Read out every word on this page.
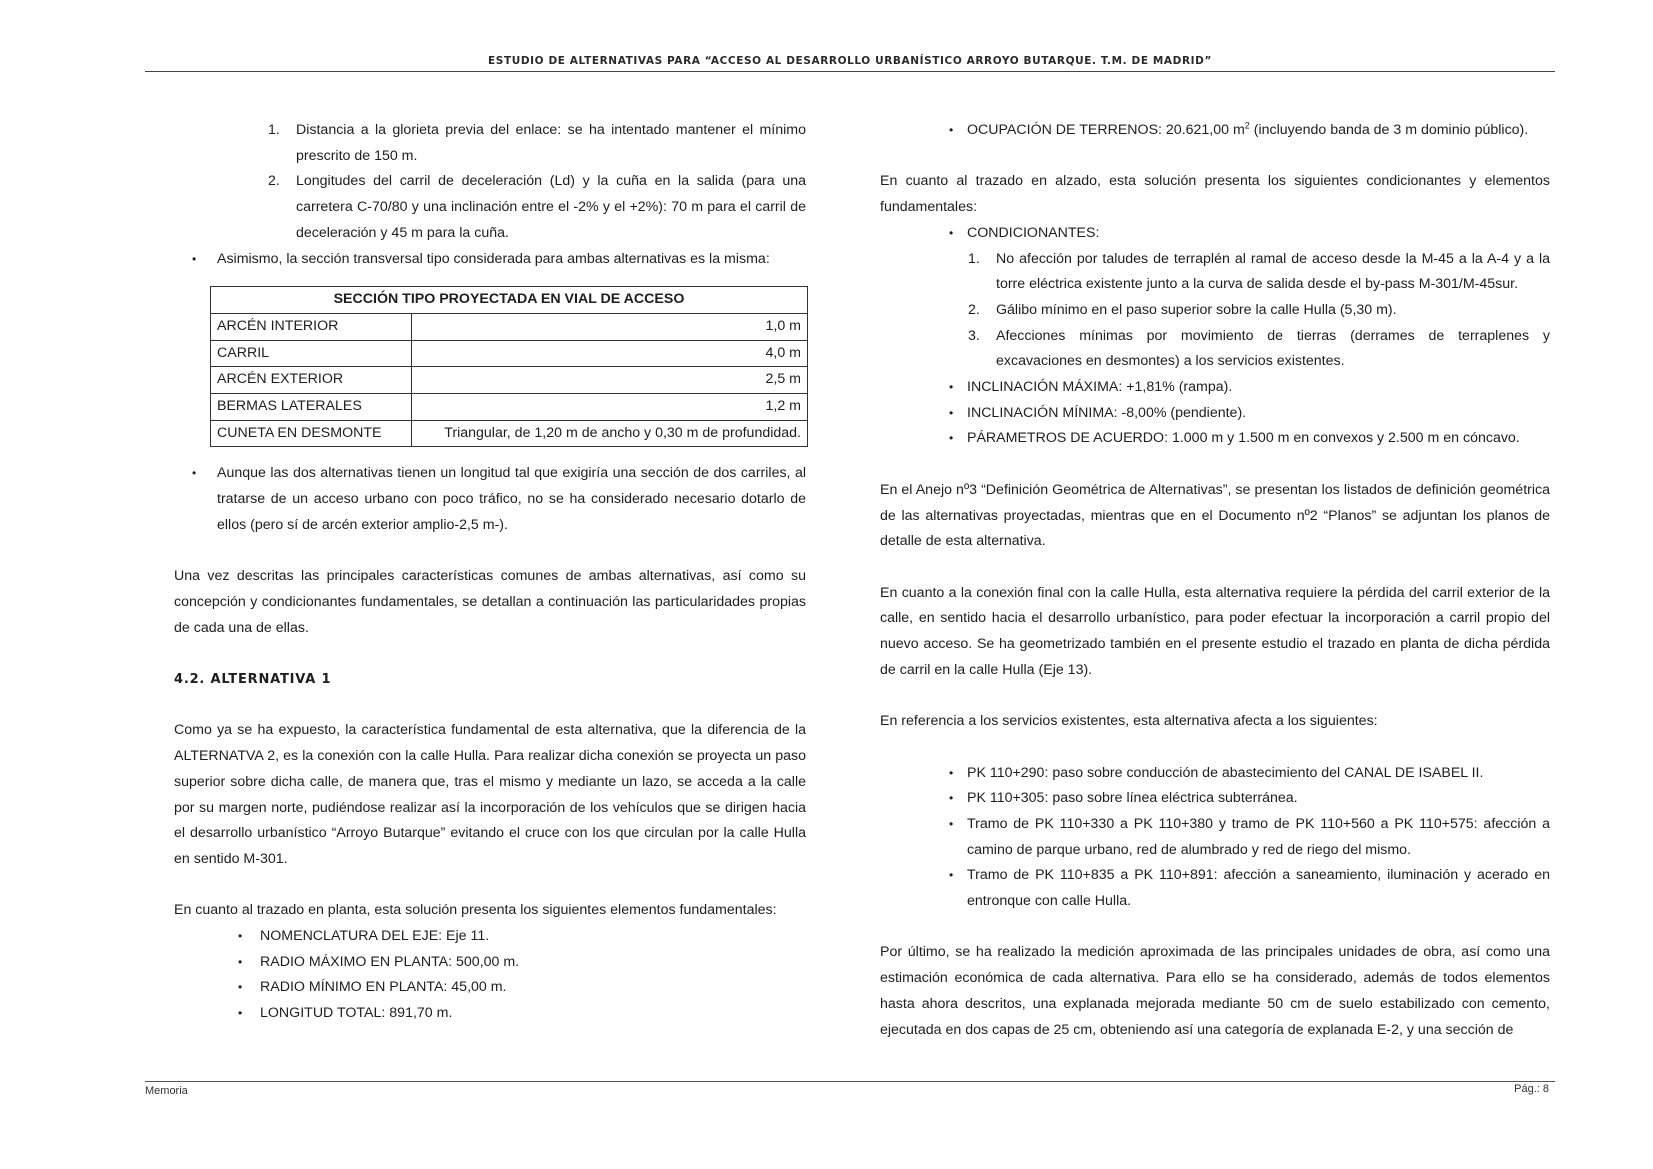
ESTUDIO DE ALTERNATIVAS PARA “ACCESO AL DESARROLLO URBANÍSTICO ARROYO BUTARQUE. T.M. DE MADRID”
1. Distancia a la glorieta previa del enlace: se ha intentado mantener el mínimo prescrito de 150 m.
2. Longitudes del carril de deceleración (Ld) y la cuña en la salida (para una carretera C-70/80 y una inclinación entre el -2% y el +2%): 70 m para el carril de deceleración y 45 m para la cuña.
• Asimismo, la sección transversal tipo considerada para ambas alternativas es la misma:
SECCIÓN TIPO PROYECTADA EN VIAL DE ACCESO	
ARCÉN INTERIOR	1,0 m
CARRIL	4,0 m
ARCÉN EXTERIOR	2,5 m
BERMAS LATERALES	1,2 m
CUNETA EN DESMONTE	Triangular, de 1,20 m de ancho y 0,30 m de profundidad.
• Aunque las dos alternativas tienen un longitud tal que exigiría una sección de dos carriles, al tratarse de un acceso urbano con poco tráfico, no se ha considerado necesario dotarlo de ellos (pero sí de arcén exterior amplio-2,5 m-).

Una vez descritas las principales características comunes de ambas alternativas, así como su concepción y condicionantes fundamentales, se detallan a continuación las particularidades propias de cada una de ellas.

4.2. ALTERNATIVA 1

Como ya se ha expuesto, la característica fundamental de esta alternativa, que la diferencia de la ALTERNATVA 2, es la conexión con la calle Hulla. Para realizar dicha conexión se proyecta un paso superior sobre dicha calle, de manera que, tras el mismo y mediante un lazo, se acceda a la calle por su margen norte, pudiéndose realizar así la incorporación de los vehículos que se dirigen hacia el desarrollo urbanístico “Arroyo Butarque” evitando el cruce con los que circulan por la calle Hulla en sentido M-301.

En cuanto al trazado en planta, esta solución presenta los siguientes elementos fundamentales:

• NOMENCLATURA DEL EJE: Eje 11.
• RADIO MÁXIMO EN PLANTA: 500,00 m.
• RADIO MÍNIMO EN PLANTA: 45,00 m.
• LONGITUD TOTAL: 891,70 m.
• OCUPACIÓN DE TERRENOS: 20.621,00 $m^2$ (incluyendo banda de 3 m dominio público).

En cuanto al trazado en alzado, esta solución presenta los siguientes condicionantes y elementos fundamentales:

• CONDICIONANTES:
1. No afección por taludes de terraplén al ramal de acceso desde la M-45 a la A-4 y a la torre eléctrica existente junto a la curva de salida desde el by-pass M-301/M-45sur.
2. Gálibo mínimo en el paso superior sobre la calle Hulla (5,30 m).
3. Afecciones mínimas por movimiento de tierras (derrames de terraplenes y excavaciones en desmontes) a los servicios existentes.
• INCLINACIÓN MÁXIMA: +1,81% (rampa).
• INCLINACIÓN MÍNIMA: -8,00% (pendiente).
• PÁRAMETROS DE ACUERDO: 1.000 m y 1.500 m en convexos y 2.500 m en cóncavo.

En el Anejo nº3 “Definición Geométrica de Alternativas”, se presentan los listados de definición geométrica de las alternativas proyectadas, mientras que en el Documento nº2 “Planos” se adjuntan los planos de detalle de esta alternativa.

En cuanto a la conexión final con la calle Hulla, esta alternativa requiere la pérdida del carril exterior de la calle, en sentido hacia el desarrollo urbanístico, para poder efectuar la incorporación a carril propio del nuevo acceso. Se ha geometrizado también en el presente estudio el trazado en planta de dicha pérdida de carril en la calle Hulla (Eje 13).

En referencia a los servicios existentes, esta alternativa afecta a los siguientes:

• PK 110+290: paso sobre conducción de abastecimiento del CANAL DE ISABEL II.
• PK 110+305: paso sobre línea eléctrica subterránea.
• Tramo de PK 110+330 a PK 110+380 y tramo de PK 110+560 a PK 110+575: afección a camino de parque urbano, red de alumbrado y red de riego del mismo.
• Tramo de PK 110+835 a PK 110+891: afección a saneamiento, iluminación y acerado en entronque con calle Hulla.

Por último, se ha realizado la medición aproximada de las principales unidades de obra, así como una estimación económica de cada alternativa. Para ello se ha considerado, además de todos elementos hasta ahora descritos, una explanada mejorada mediante 50 cm de suelo estabilizado con cemento, ejecutada en dos capas de 25 cm, obteniendo así una categoría de explanada E-2, y una sección de

Memoria	Pág.: 8
